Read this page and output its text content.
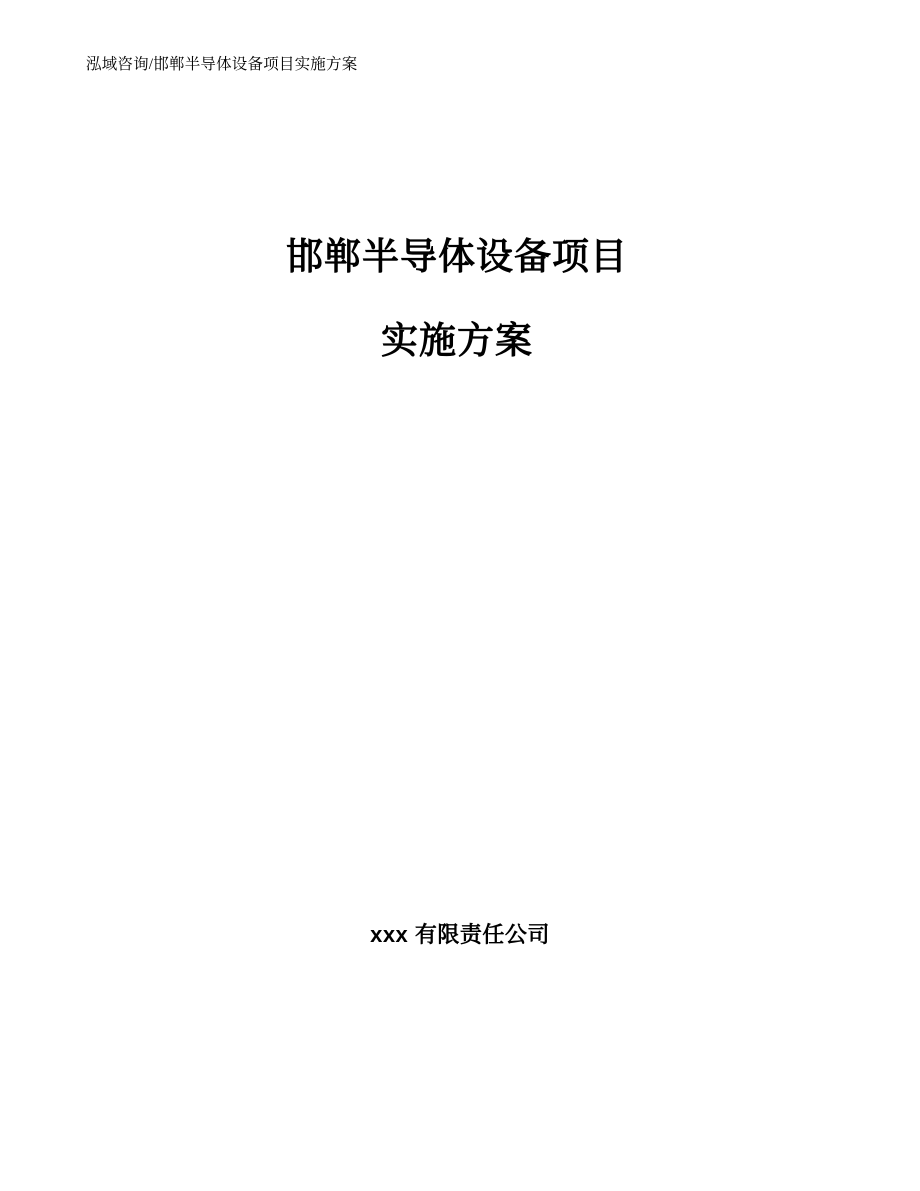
泓域咨询/邯郸半导体设备项目实施方案
邯郸半导体设备项目
实施方案
xxx 有限责任公司
